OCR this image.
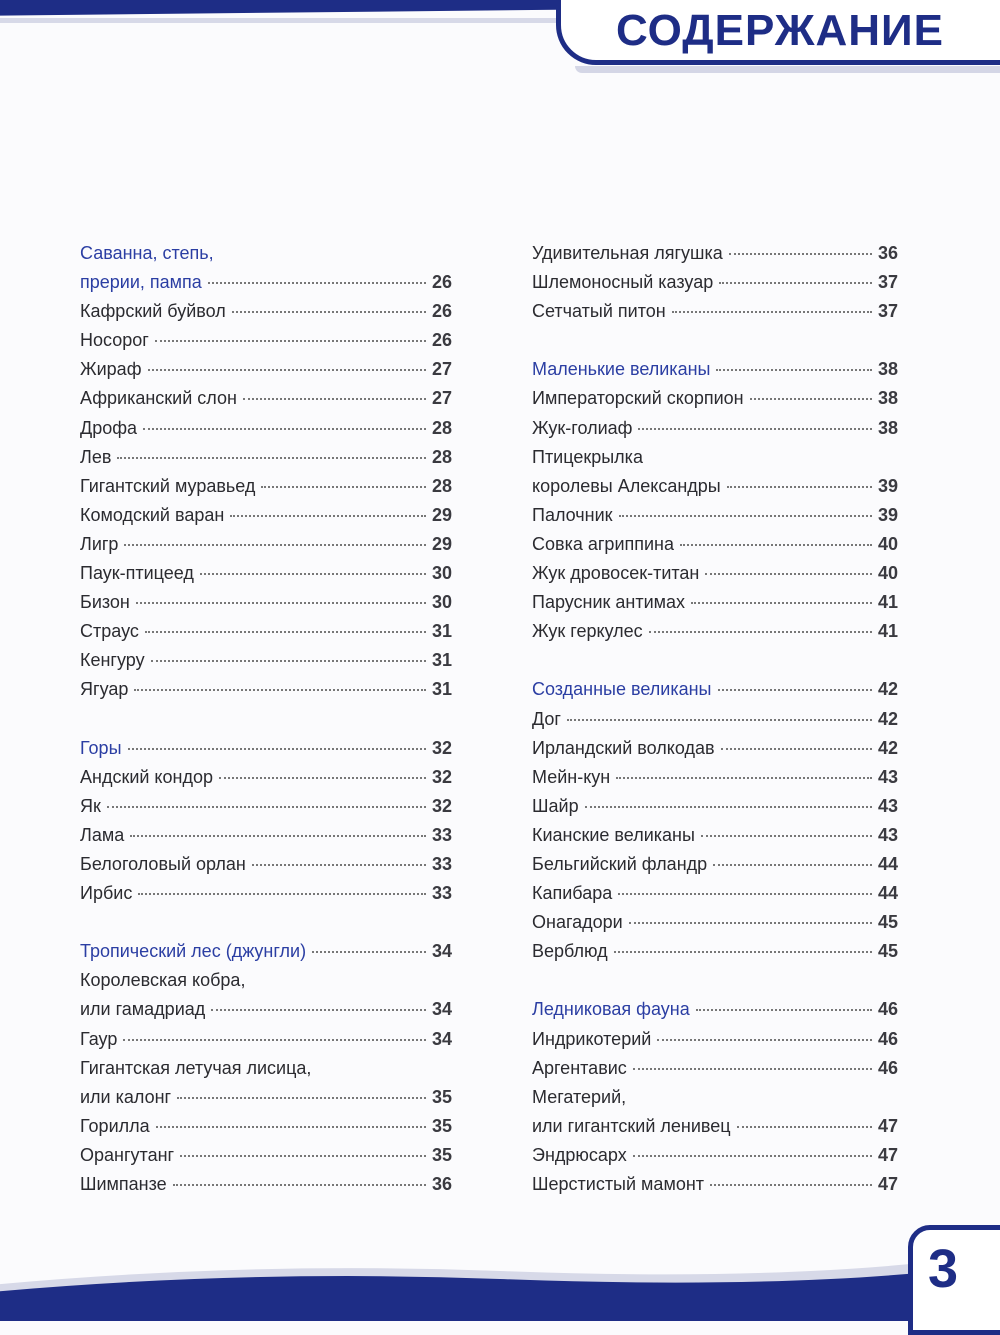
СОДЕРЖАНИЕ
Саванна, степь,
прерии, пампа	26
Кафрский буйвол	26
Носорог	26
Жираф	27
Африканский слон	27
Дрофа	28
Лев	28
Гигантский муравьед	28
Комодский варан	29
Лигр	29
Паук-птицеед	30
Бизон	30
Страус	31
Кенгуру	31
Ягуар	31
Горы	32
Андский кондор	32
Як	32
Лама	33
Белоголовый орлан	33
Ирбис	33
Тропический лес (джунгли)	34
Королевская кобра,
или гамадриад	34
Гаур	34
Гигантская летучая лисица,
или калонг	35
Горилла	35
Орангутанг	35
Шимпанзе	36
Удивительная лягушка	36
Шлемоносный казуар	37
Сетчатый питон	37
Маленькие великаны	38
Императорский скорпион	38
Жук-голиаф	38
Птицекрылка
королевы Александры	39
Палочник	39
Совка агриппина	40
Жук дровосек-титан	40
Парусник антимах	41
Жук геркулес	41
Созданные великаны	42
Дог	42
Ирландский волкодав	42
Мейн-кун	43
Шайр	43
Кианские великаны	43
Бельгийский фландр	44
Капибара	44
Онагадори	45
Верблюд	45
Ледниковая фауна	46
Индрикотерий	46
Аргентавис	46
Мегатерий,
или гигантский ленивец	47
Эндрюсарх	47
Шерстистый мамонт	47
3
